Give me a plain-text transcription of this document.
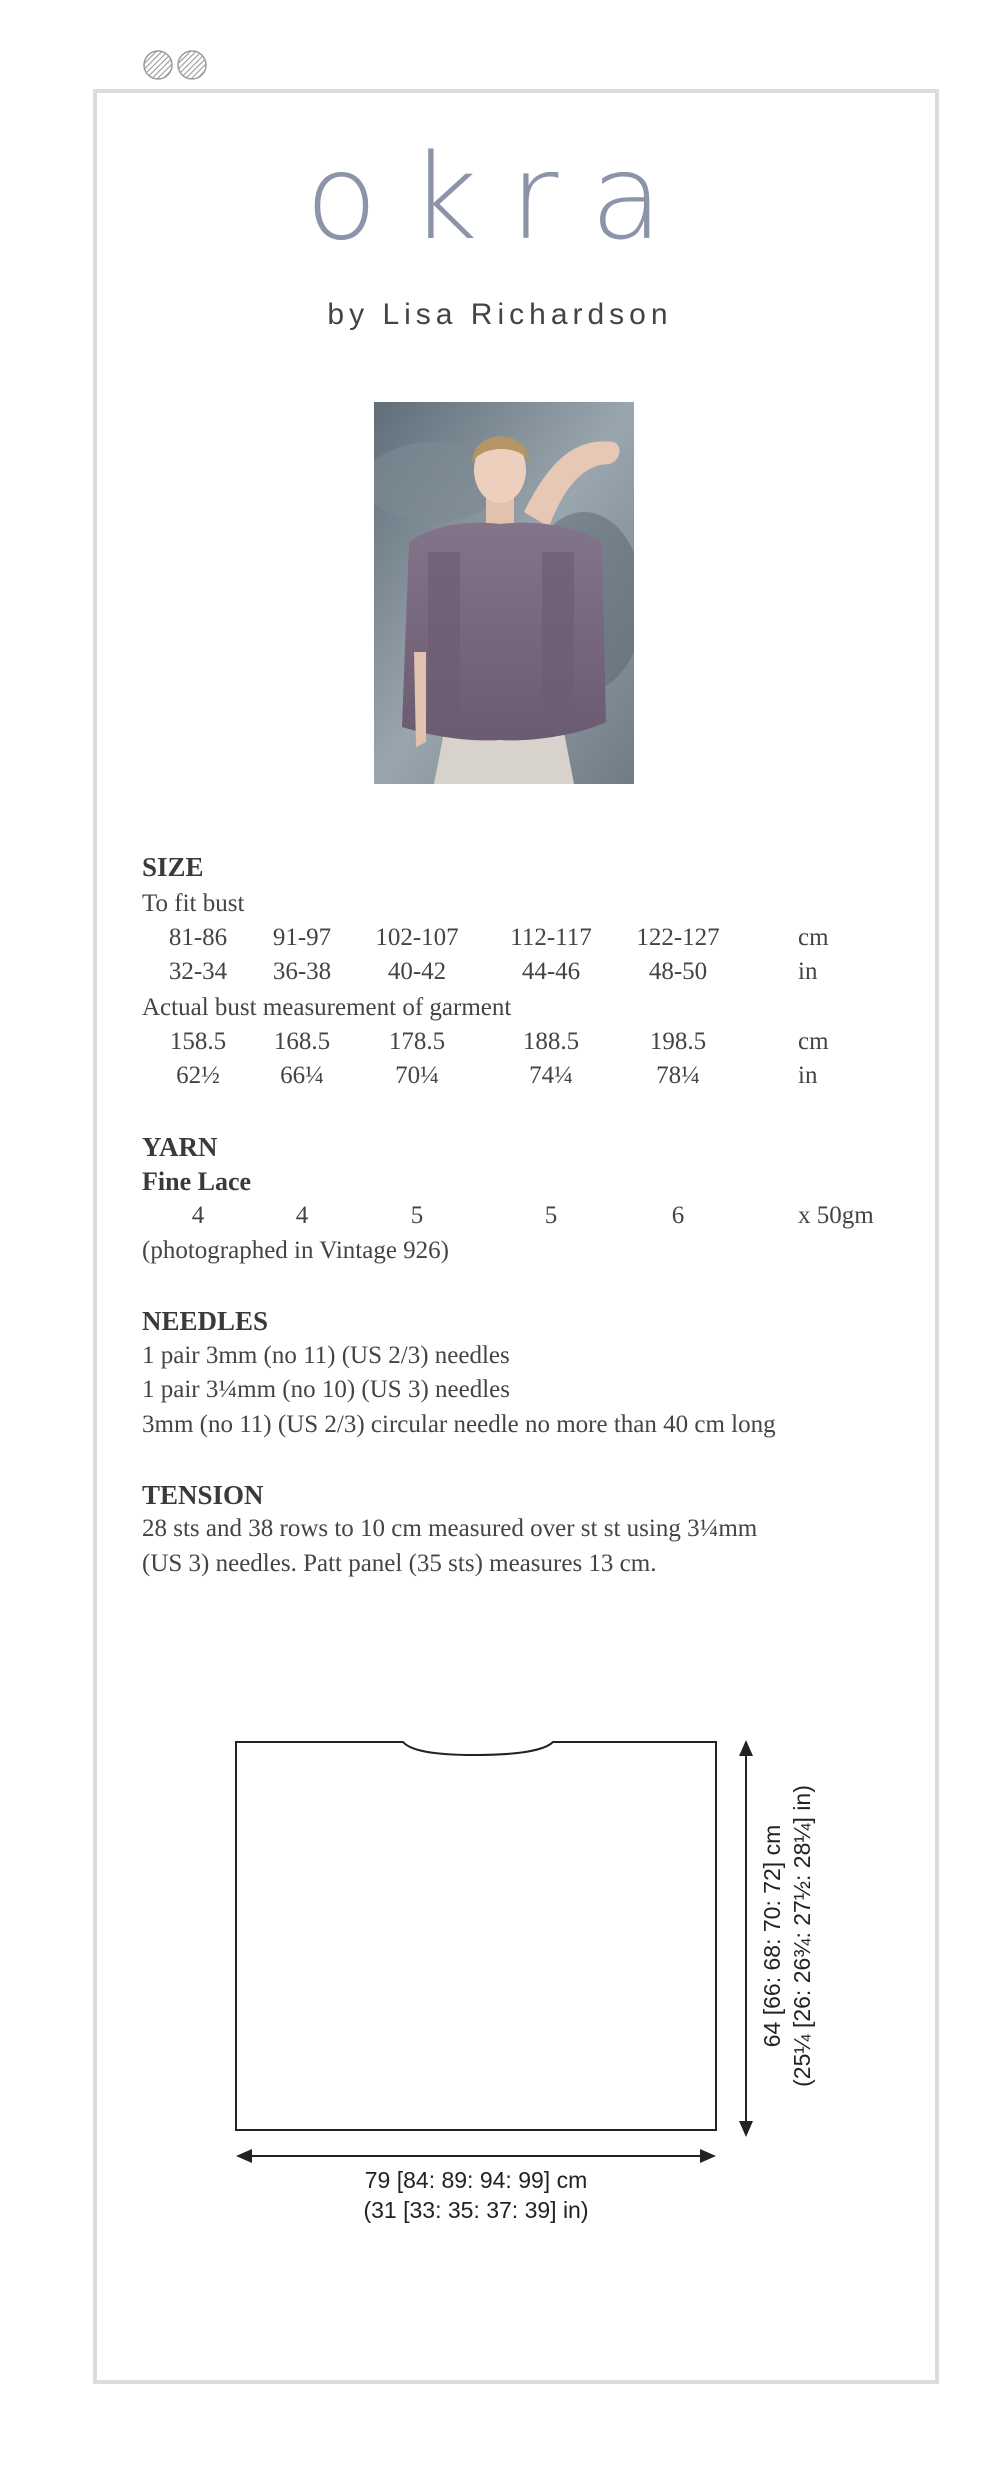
okra
by Lisa Richardson
SIZE
To fit bust
81-86 91-97 102-107 112-117 122-127	cm
32-34 36-38 40-42	44-46	48-50	in
Actual bust measurement of garment
158.5 168.5 178.5	188.5	198.5	cm
62½ 66¼	70¼	74¼	78¼	in
YARN
Fine Lace
4	4	5	5	6	x 50gm
(photographed in Vintage 926)
NEEDLES
1 pair 3mm (no 11) (US 2/3) needles
1 pair 3¼mm (no 10) (US 3) needles
3mm (no 11) (US 2/3) circular needle no more than 40 cm long
TENSION
28 sts and 38 rows to 10 cm measured over st st using 3¼mm
(US 3) needles. Patt panel (35 sts) measures 13 cm.
79 [84: 89: 94: 99] cm
(31 [33: 35: 37: 39] in)
64 [66: 68: 70: 72] cm (25¼ [26: 26¾: 27½: 28¼] in)
